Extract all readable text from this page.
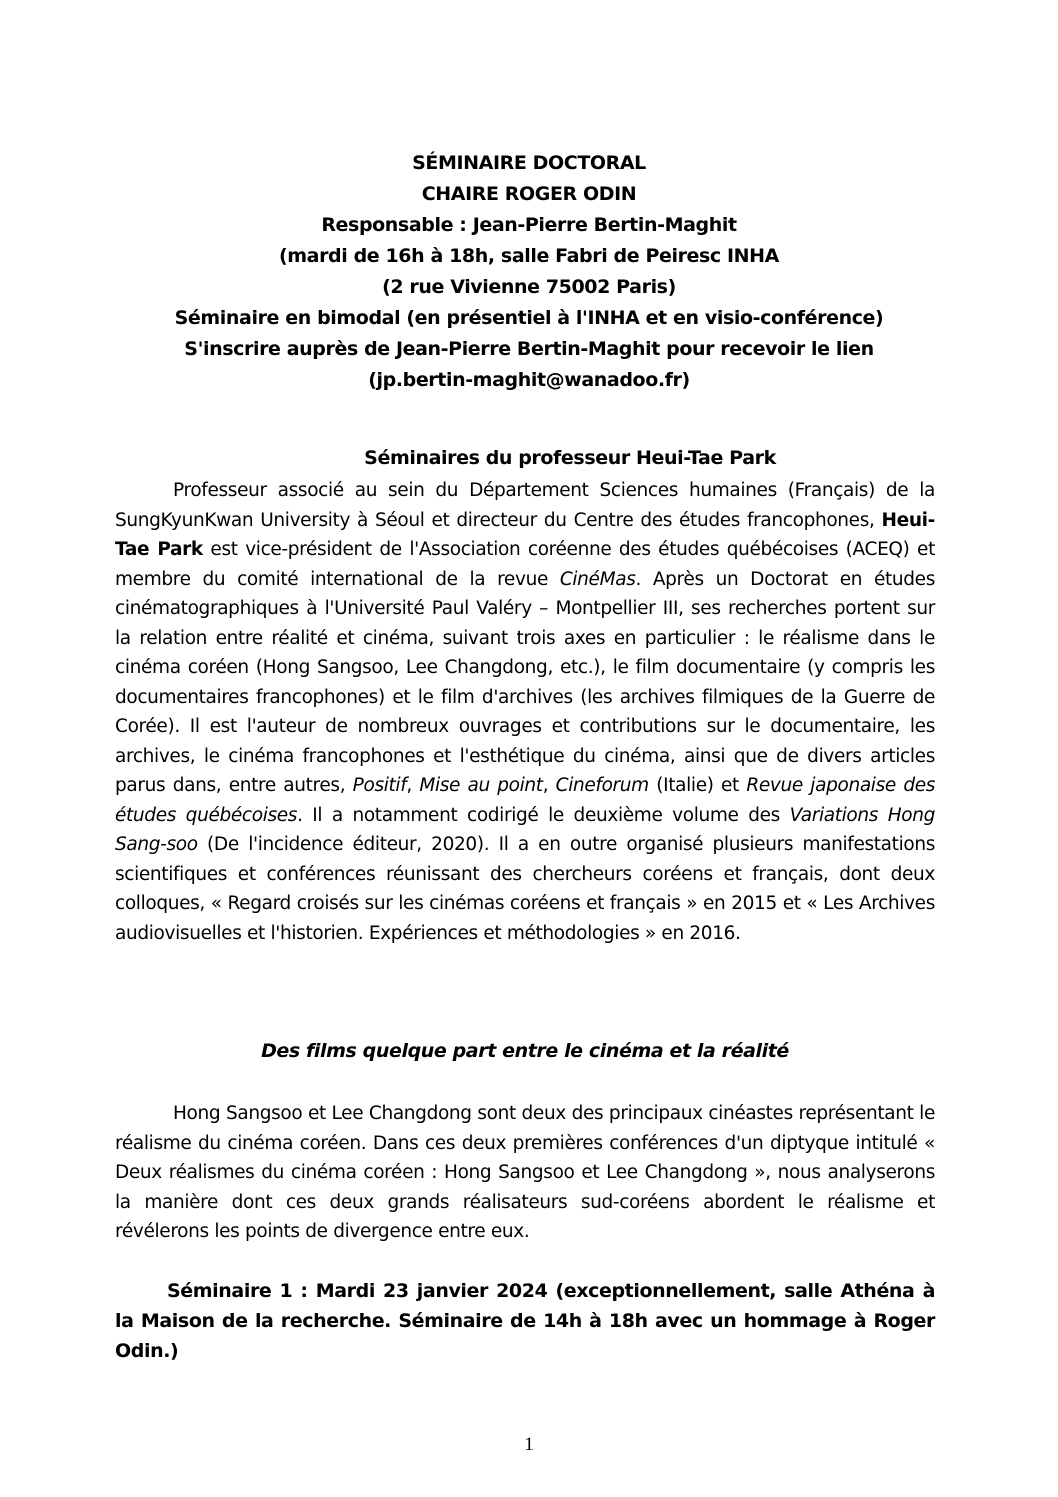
SÉMINAIRE DOCTORAL
CHAIRE ROGER ODIN
Responsable : Jean-Pierre Bertin-Maghit
(mardi de 16h à 18h, salle Fabri de Peiresc INHA
(2 rue Vivienne 75002 Paris)
Séminaire en bimodal (en présentiel à l'INHA et en visio-conférence)
S'inscrire auprès de Jean-Pierre Bertin-Maghit pour recevoir le lien
(jp.bertin-maghit@wanadoo.fr)
Séminaires du professeur Heui-Tae Park
Professeur associé au sein du Département Sciences humaines (Français) de la SungKyunKwan University à Séoul et directeur du Centre des études francophones, Heui-Tae Park est vice-président de l'Association coréenne des études québécoises (ACEQ) et membre du comité international de la revue CinéMas. Après un Doctorat en études cinématographiques à l'Université Paul Valéry – Montpellier III, ses recherches portent sur la relation entre réalité et cinéma, suivant trois axes en particulier : le réalisme dans le cinéma coréen (Hong Sangsoo, Lee Changdong, etc.), le film documentaire (y compris les documentaires francophones) et le film d'archives (les archives filmiques de la Guerre de Corée). Il est l'auteur de nombreux ouvrages et contributions sur le documentaire, les archives, le cinéma francophones et l'esthétique du cinéma, ainsi que de divers articles parus dans, entre autres, Positif, Mise au point, Cineforum (Italie) et Revue japonaise des études québécoises. Il a notamment codirigé le deuxième volume des Variations Hong Sang-soo (De l'incidence éditeur, 2020). Il a en outre organisé plusieurs manifestations scientifiques et conférences réunissant des chercheurs coréens et français, dont deux colloques, « Regard croisés sur les cinémas coréens et français » en 2015 et « Les Archives audiovisuelles et l'historien. Expériences et méthodologies » en 2016.
Des films quelque part entre le cinéma et la réalité
Hong Sangsoo et Lee Changdong sont deux des principaux cinéastes représentant le réalisme du cinéma coréen. Dans ces deux premières conférences d'un diptyque intitulé « Deux réalismes du cinéma coréen : Hong Sangsoo et Lee Changdong », nous analyserons la manière dont ces deux grands réalisateurs sud-coréens abordent le réalisme et révélerons les points de divergence entre eux.
Séminaire 1 : Mardi 23 janvier 2024 (exceptionnellement, salle Athéna à la Maison de la recherche. Séminaire de 14h à 18h avec un hommage à Roger Odin.)
1
